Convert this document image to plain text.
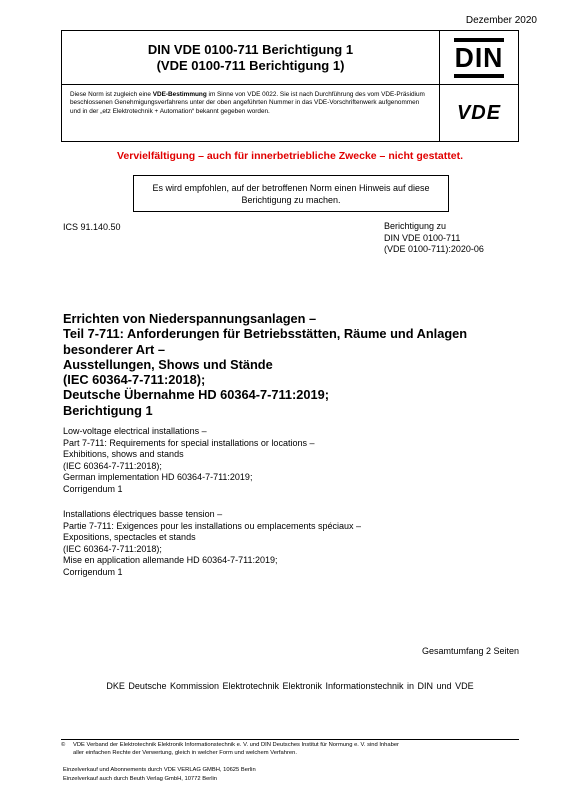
Dezember 2020
DIN VDE 0100-711 Berichtigung 1
(VDE 0100-711 Berichtigung 1)	DIN
Diese Norm ist zugleich eine VDE-Bestimmung im Sinne von VDE 0022. Sie ist nach Durchführung des vom VDE-Präsidium beschlossenen Genehmigungsverfahrens unter der oben angeführten Nummer in das VDE-Vorschriftenwerk aufgenommen und in der „etz Elektrotechnik + Automation“ bekannt gegeben worden.	VDE
Vervielfältigung – auch für innerbetriebliche Zwecke – nicht gestattet.
Es wird empfohlen, auf der betroffenen Norm einen Hinweis auf diese
Berichtigung zu machen.
ICS 91.140.50	Berichtigung zu
DIN VDE 0100-711
(VDE 0100-711):2020-06
Errichten von Niederspannungsanlagen –
Teil 7-711: Anforderungen für Betriebsstätten, Räume und Anlagen
besonderer Art –
Ausstellungen, Shows und Stände
(IEC 60364-7-711:2018);
Deutsche Übernahme HD 60364-7-711:2019;
Berichtigung 1
Low-voltage electrical installations –
Part 7-711: Requirements for special installations or locations –
Exhibitions, shows and stands
(IEC 60364-7-711:2018);
German implementation HD 60364-7-711:2019;
Corrigendum 1
Installations électriques basse tension –
Partie 7-711: Exigences pour les installations ou emplacements spéciaux –
Expositions, spectacles et stands
(IEC 60364-7-711:2018);
Mise en application allemande HD 60364-7-711:2019;
Corrigendum 1
Gesamtumfang 2 Seiten
DKE Deutsche Kommission Elektrotechnik Elektronik Informationstechnik in DIN und VDE
© VDE Verband der Elektrotechnik Elektronik Informationstechnik e. V. und DIN Deutsches Institut für Normung e. V. sind Inhaber
aller einfachen Rechte der Verwertung, gleich in welcher Form und welchem Verfahren.
Einzelverkauf und Abonnements durch VDE VERLAG GMBH, 10625 Berlin
Einzelverkauf auch durch Beuth Verlag GmbH, 10772 Berlin
